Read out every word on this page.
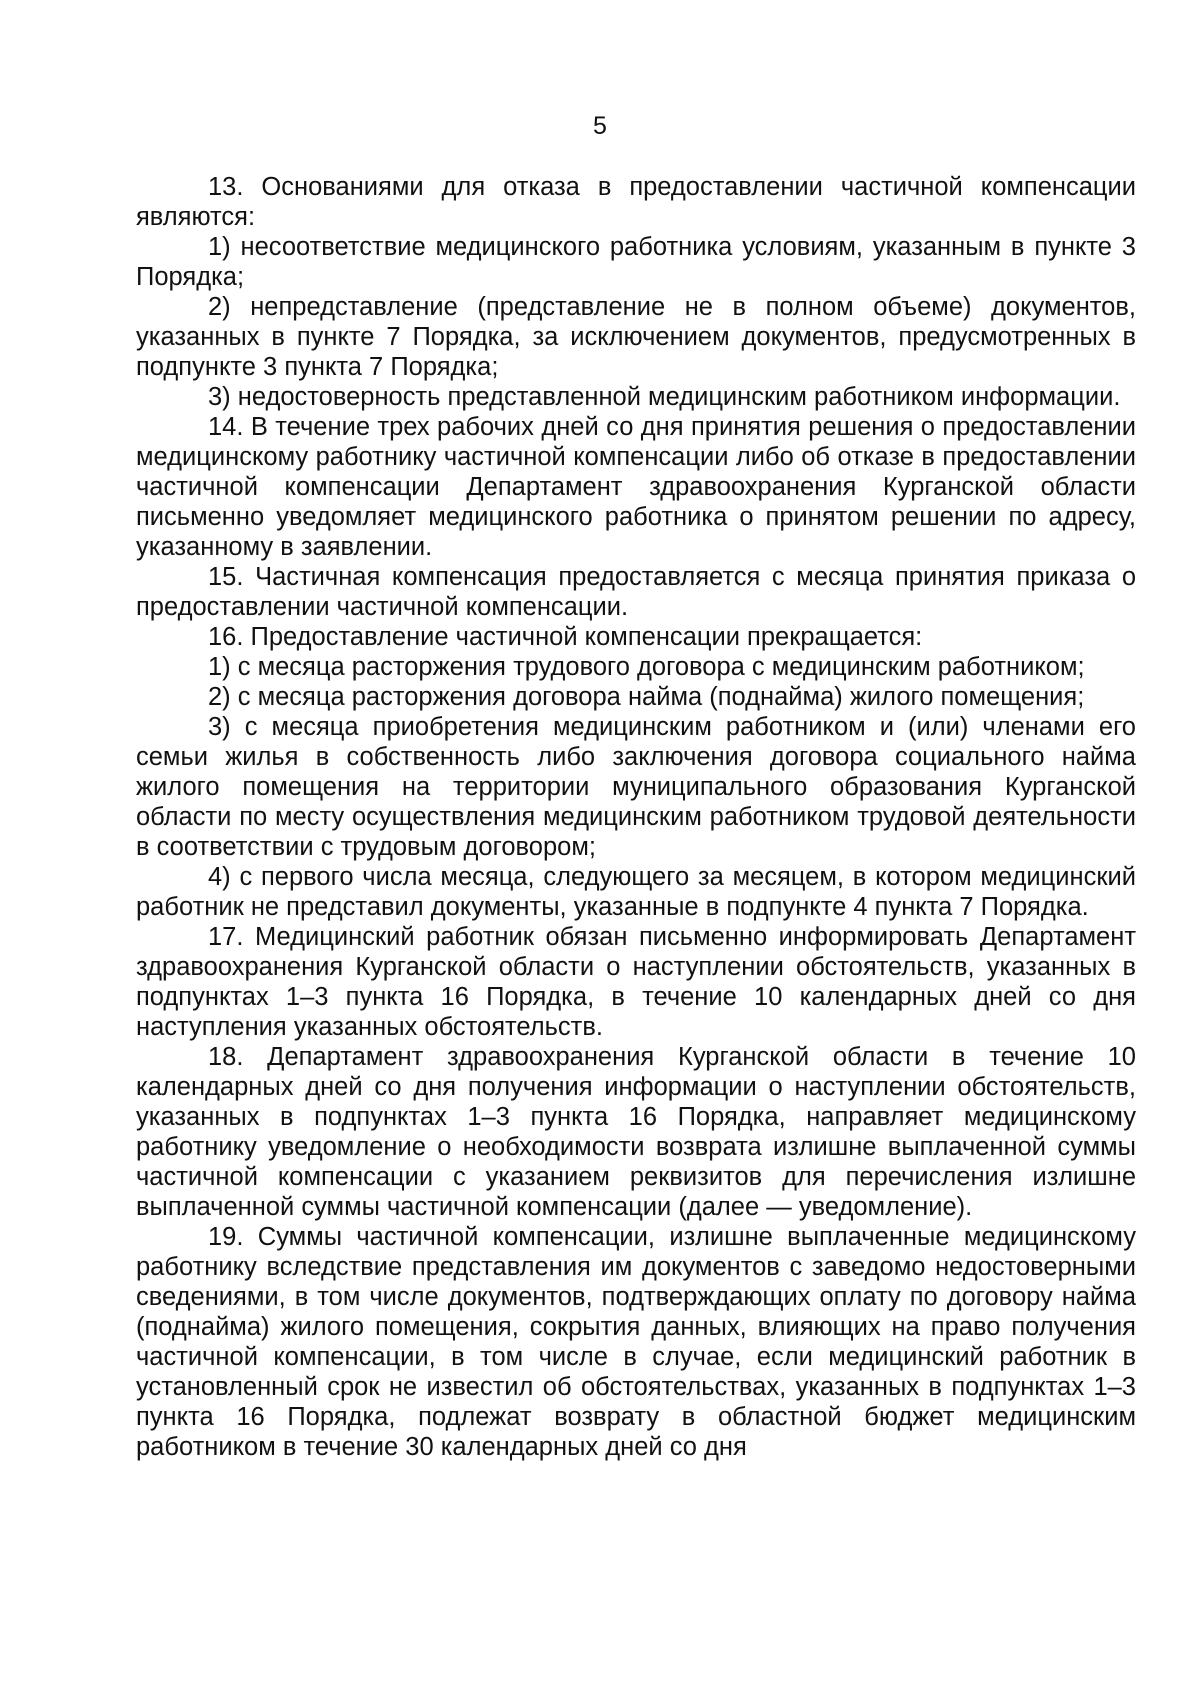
5

13. Основаниями для отказа в предоставлении частичной компенсации являются:

1) несоответствие медицинского работника условиям, указанным в пункте 3 Порядка;

2) непредставление (представление не в полном объеме) документов, указанных в пункте 7 Порядка, за исключением документов, предусмотренных в подпункте 3 пункта 7 Порядка;

3) недостоверность представленной медицинским работником информации.

14. В течение трех рабочих дней со дня принятия решения о предоставлении медицинскому работнику частичной компенсации либо об отказе в предоставлении частичной компенсации Департамент здравоохранения Курганской области письменно уведомляет медицинского работника о принятом решении по адресу, указанному в заявлении.

15. Частичная компенсация предоставляется с месяца принятия приказа о предоставлении частичной компенсации.

16. Предоставление частичной компенсации прекращается:

1) с месяца расторжения трудового договора с медицинским работником;

2) с месяца расторжения договора найма (поднайма) жилого помещения;

3) с месяца приобретения медицинским работником и (или) членами его семьи жилья в собственность либо заключения договора социального найма жилого помещения на территории муниципального образования Курганской области по месту осуществления медицинским работником трудовой деятельности в соответствии с трудовым договором;

4) с первого числа месяца, следующего за месяцем, в котором медицинский работник не представил документы, указанные в подпункте 4 пункта 7 Порядка.

17. Медицинский работник обязан письменно информировать Департамент здравоохранения Курганской области о наступлении обстоятельств, указанных в подпунктах 1–3 пункта 16 Порядка, в течение 10 календарных дней со дня наступления указанных обстоятельств.

18. Департамент здравоохранения Курганской области в течение 10 календарных дней со дня получения информации о наступлении обстоятельств, указанных в подпунктах 1–3 пункта 16 Порядка, направляет медицинскому работнику уведомление о необходимости возврата излишне выплаченной суммы частичной компенсации с указанием реквизитов для перечисления излишне выплаченной суммы частичной компенсации (далее — уведомление).

19. Суммы частичной компенсации, излишне выплаченные медицинскому работнику вследствие представления им документов с заведомо недостоверными сведениями, в том числе документов, подтверждающих оплату по договору найма (поднайма) жилого помещения, сокрытия данных, влияющих на право получения частичной компенсации, в том числе в случае, если медицинский работник в установленный срок не известил об обстоятельствах, указанных в подпунктах 1–3 пункта 16 Порядка, подлежат возврату в областной бюджет медицинским работником в течение 30 календарных дней со дня
